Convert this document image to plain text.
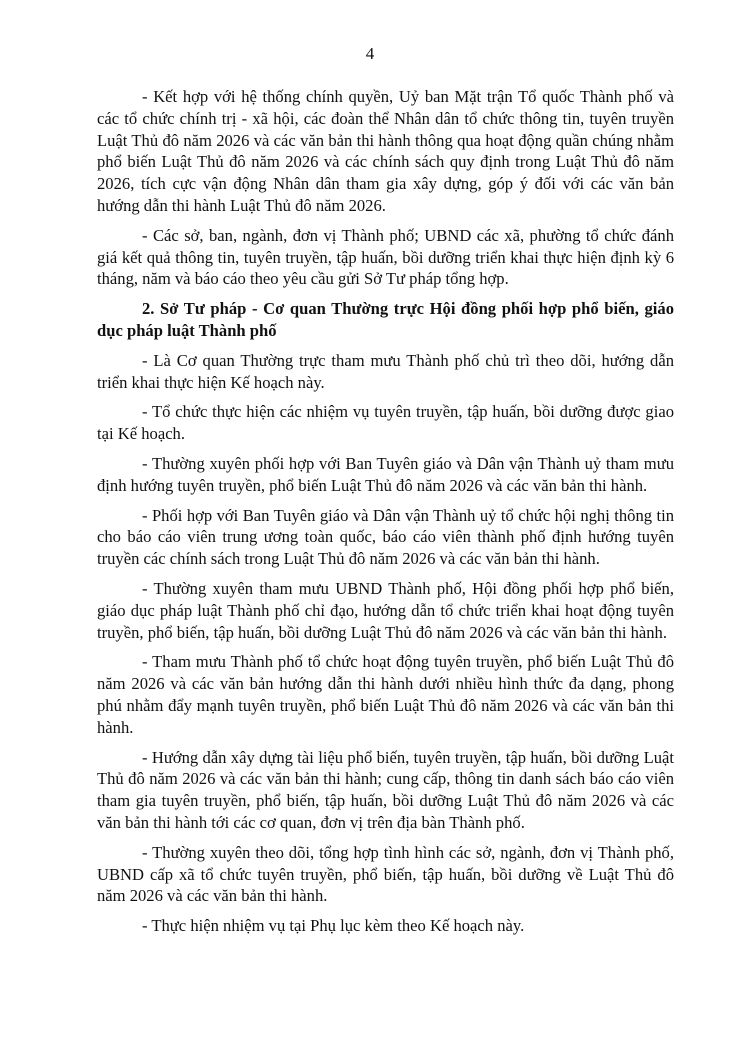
4

- Kết hợp với hệ thống chính quyền, Uỷ ban Mặt trận Tổ quốc Thành phố và các tổ chức chính trị - xã hội, các đoàn thể Nhân dân tổ chức thông tin, tuyên truyền Luật Thủ đô năm 2026 và các văn bản thi hành thông qua hoạt động quần chúng nhằm phổ biến Luật Thủ đô năm 2026 và các chính sách quy định trong Luật Thủ đô năm 2026, tích cực vận động Nhân dân tham gia xây dựng, góp ý đối với các văn bản hướng dẫn thi hành Luật Thủ đô năm 2026.

- Các sở, ban, ngành, đơn vị Thành phố; UBND các xã, phường tổ chức đánh giá kết quả thông tin, tuyên truyền, tập huấn, bồi dưỡng triển khai thực hiện định kỳ 6 tháng, năm và báo cáo theo yêu cầu gửi Sở Tư pháp tổng hợp.

2. Sở Tư pháp - Cơ quan Thường trực Hội đồng phối hợp phổ biến, giáo dục pháp luật Thành phố

- Là Cơ quan Thường trực tham mưu Thành phố chủ trì theo dõi, hướng dẫn triển khai thực hiện Kế hoạch này.

- Tổ chức thực hiện các nhiệm vụ tuyên truyền, tập huấn, bồi dưỡng được giao tại Kế hoạch.

- Thường xuyên phối hợp với Ban Tuyên giáo và Dân vận Thành uỷ tham mưu định hướng tuyên truyền, phổ biến Luật Thủ đô năm 2026 và các văn bản thi hành.

- Phối hợp với Ban Tuyên giáo và Dân vận Thành uỷ tổ chức hội nghị thông tin cho báo cáo viên trung ương toàn quốc, báo cáo viên thành phố định hướng tuyên truyền các chính sách trong Luật Thủ đô năm 2026 và các văn bản thi hành.

- Thường xuyên tham mưu UBND Thành phố, Hội đồng phối hợp phổ biến, giáo dục pháp luật Thành phố chỉ đạo, hướng dẫn tổ chức triển khai hoạt động tuyên truyền, phổ biến, tập huấn, bồi dưỡng Luật Thủ đô năm 2026 và các văn bản thi hành.

- Tham mưu Thành phố tổ chức hoạt động tuyên truyền, phổ biến Luật Thủ đô năm 2026 và các văn bản hướng dẫn thi hành dưới nhiều hình thức đa dạng, phong phú nhằm đẩy mạnh tuyên truyền, phổ biến Luật Thủ đô năm 2026 và các văn bản thi hành.

- Hướng dẫn xây dựng tài liệu phổ biến, tuyên truyền, tập huấn, bồi dưỡng Luật Thủ đô năm 2026 và các văn bản thi hành; cung cấp, thông tin danh sách báo cáo viên tham gia tuyên truyền, phổ biến, tập huấn, bồi dưỡng Luật Thủ đô năm 2026 và các văn bản thi hành tới các cơ quan, đơn vị trên địa bàn Thành phố.

- Thường xuyên theo dõi, tổng hợp tình hình các sở, ngành, đơn vị Thành phố, UBND cấp xã tổ chức tuyên truyền, phổ biến, tập huấn, bồi dưỡng về Luật Thủ đô năm 2026 và các văn bản thi hành.

- Thực hiện nhiệm vụ tại Phụ lục kèm theo Kế hoạch này.
